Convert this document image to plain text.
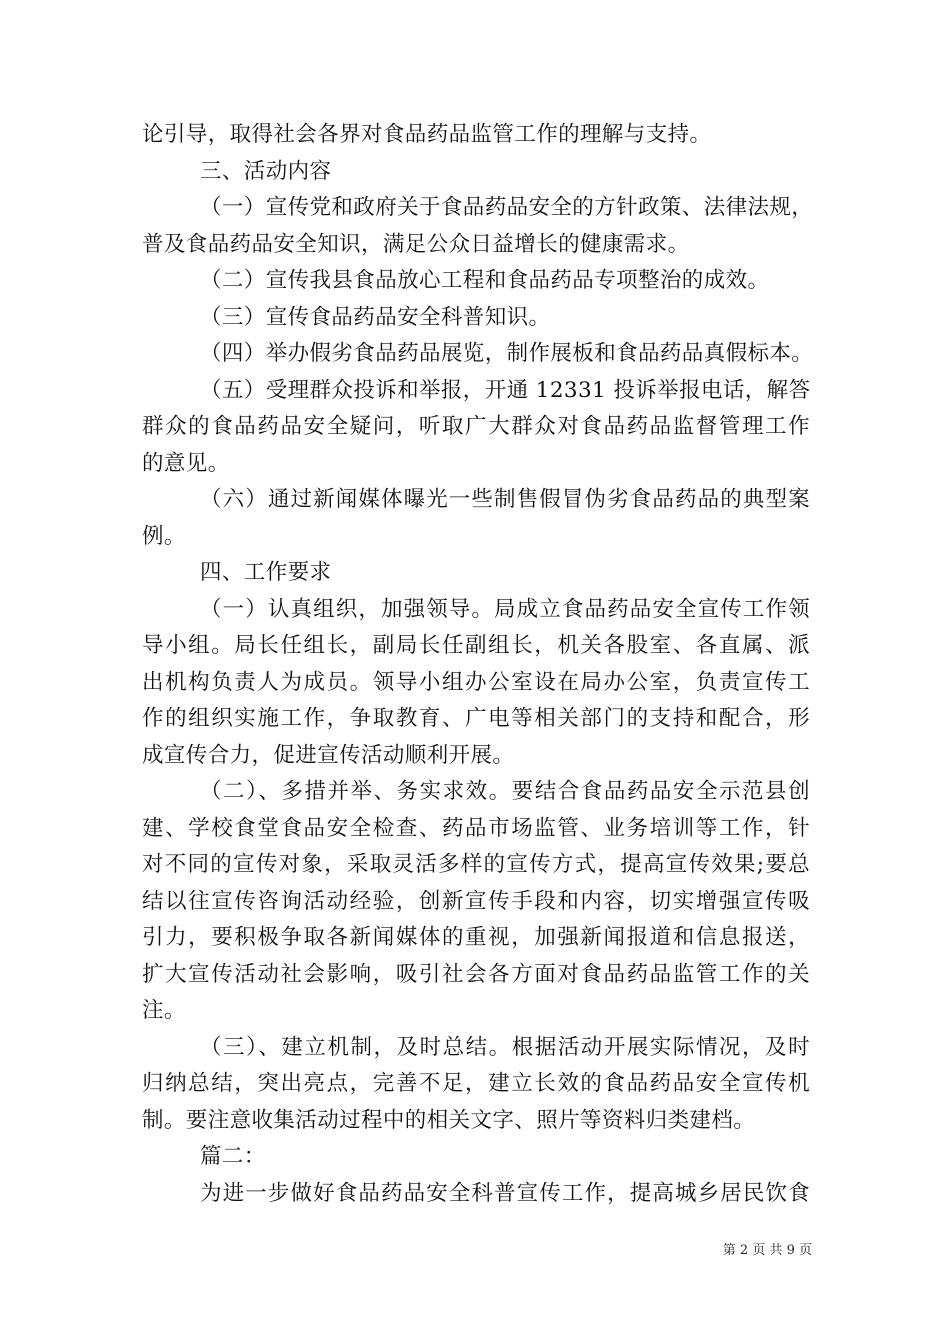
论引导，取得社会各界对食品药品监管工作的理解与支持。
三、活动内容
（一）宣传党和政府关于食品药品安全的方针政策、法律法规，
普及食品药品安全知识，满足公众日益增长的健康需求。
（二）宣传我县食品放心工程和食品药品专项整治的成效。
（三）宣传食品药品安全科普知识。
（四）举办假劣食品药品展览，制作展板和食品药品真假标本。
（五）受理群众投诉和举报，开通 12331 投诉举报电话，解答
群众的食品药品安全疑问，听取广大群众对食品药品监督管理工作
的意见。
（六）通过新闻媒体曝光一些制售假冒伪劣食品药品的典型案
例。
四、工作要求
（一）认真组织，加强领导。局成立食品药品安全宣传工作领
导小组。局长任组长，副局长任副组长，机关各股室、各直属、派
出机构负责人为成员。领导小组办公室设在局办公室，负责宣传工
作的组织实施工作，争取教育、广电等相关部门的支持和配合，形
成宣传合力，促进宣传活动顺利开展。
（二）、多措并举、务实求效。要结合食品药品安全示范县创
建、学校食堂食品安全检查、药品市场监管、业务培训等工作，针
对不同的宣传对象，采取灵活多样的宣传方式，提高宣传效果;要总
结以往宣传咨询活动经验，创新宣传手段和内容，切实增强宣传吸
引力，要积极争取各新闻媒体的重视，加强新闻报道和信息报送，
扩大宣传活动社会影响，吸引社会各方面对食品药品监管工作的关
注。
（三）、建立机制，及时总结。根据活动开展实际情况，及时
归纳总结，突出亮点，完善不足，建立长效的食品药品安全宣传机
制。要注意收集活动过程中的相关文字、照片等资料归类建档。
篇二：
为进一步做好食品药品安全科普宣传工作，提高城乡居民饮食
第 2 页 共 9 页
